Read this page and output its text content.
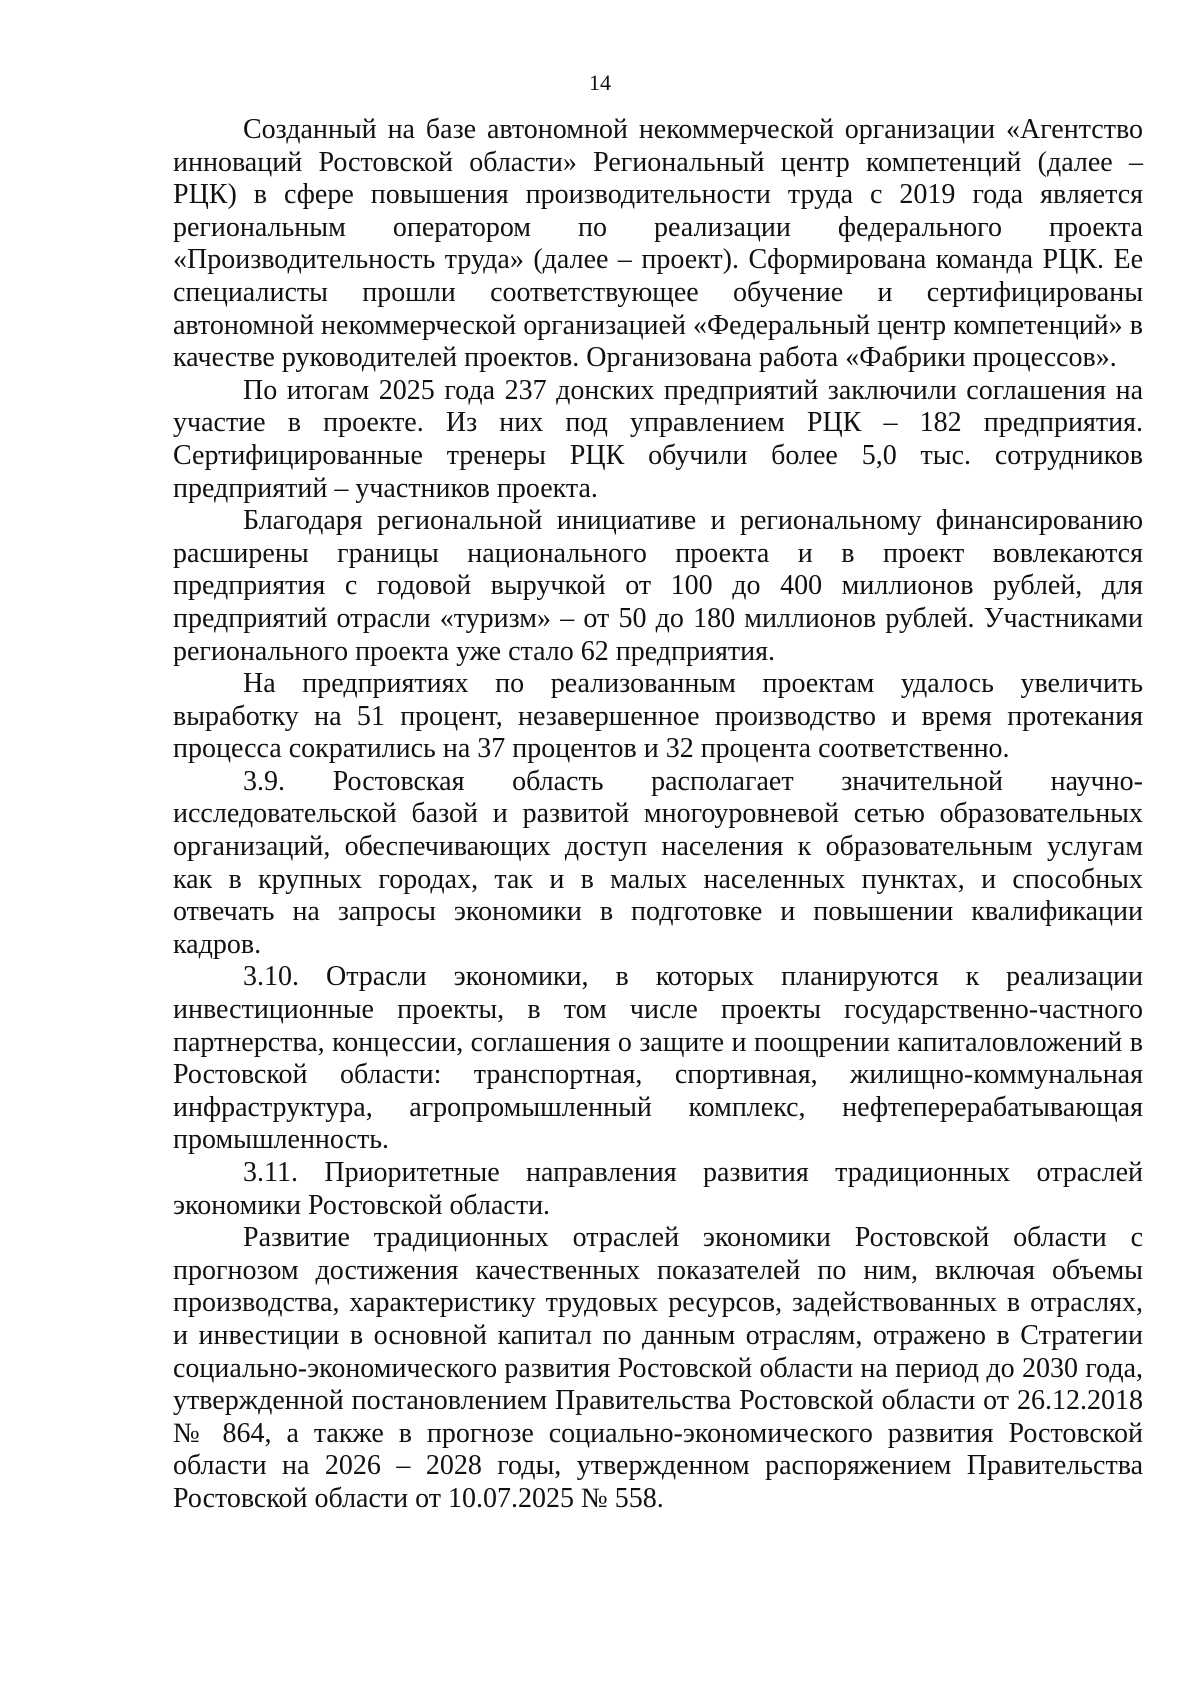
14

Созданный на базе автономной некоммерческой организации «Агентство инноваций Ростовской области» Региональный центр компетенций (далее – РЦК) в сфере повышения производительности труда с 2019 года является региональным оператором по реализации федерального проекта «Производительность труда» (далее – проект). Сформирована команда РЦК. Ее специалисты прошли соответствующее обучение и сертифицированы автономной некоммерческой организацией «Федеральный центр компетенций» в качестве руководителей проектов. Организована работа «Фабрики процессов».

По итогам 2025 года 237 донских предприятий заключили соглашения на участие в проекте. Из них под управлением РЦК – 182 предприятия. Сертифицированные тренеры РЦК обучили более 5,0 тыс. сотрудников предприятий – участников проекта.

Благодаря региональной инициативе и региональному финансированию расширены границы национального проекта и в проект вовлекаются предприятия с годовой выручкой от 100 до 400 миллионов рублей, для предприятий отрасли «туризм» – от 50 до 180 миллионов рублей. Участниками регионального проекта уже стало 62 предприятия.

На предприятиях по реализованным проектам удалось увеличить выработку на 51 процент, незавершенное производство и время протекания процесса сократились на 37 процентов и 32 процента соответственно.

3.9. Ростовская область располагает значительной научно-исследовательской базой и развитой многоуровневой сетью образовательных организаций, обеспечивающих доступ населения к образовательным услугам как в крупных городах, так и в малых населенных пунктах, и способных отвечать на запросы экономики в подготовке и повышении квалификации кадров.

3.10. Отрасли экономики, в которых планируются к реализации инвестиционные проекты, в том числе проекты государственно-частного партнерства, концессии, соглашения о защите и поощрении капиталовложений в Ростовской области: транспортная, спортивная, жилищно-коммунальная инфраструктура, агропромышленный комплекс, нефтеперерабатывающая промышленность.

3.11. Приоритетные направления развития традиционных отраслей экономики Ростовской области.

Развитие традиционных отраслей экономики Ростовской области с прогнозом достижения качественных показателей по ним, включая объемы производства, характеристику трудовых ресурсов, задействованных в отраслях, и инвестиции в основной капитал по данным отраслям, отражено в Стратегии социально-экономического развития Ростовской области на период до 2030 года, утвержденной постановлением Правительства Ростовской области от 26.12.2018 № 864, а также в прогнозе социально-экономического развития Ростовской области на 2026 – 2028 годы, утвержденном распоряжением Правительства Ростовской области от 10.07.2025 № 558.
